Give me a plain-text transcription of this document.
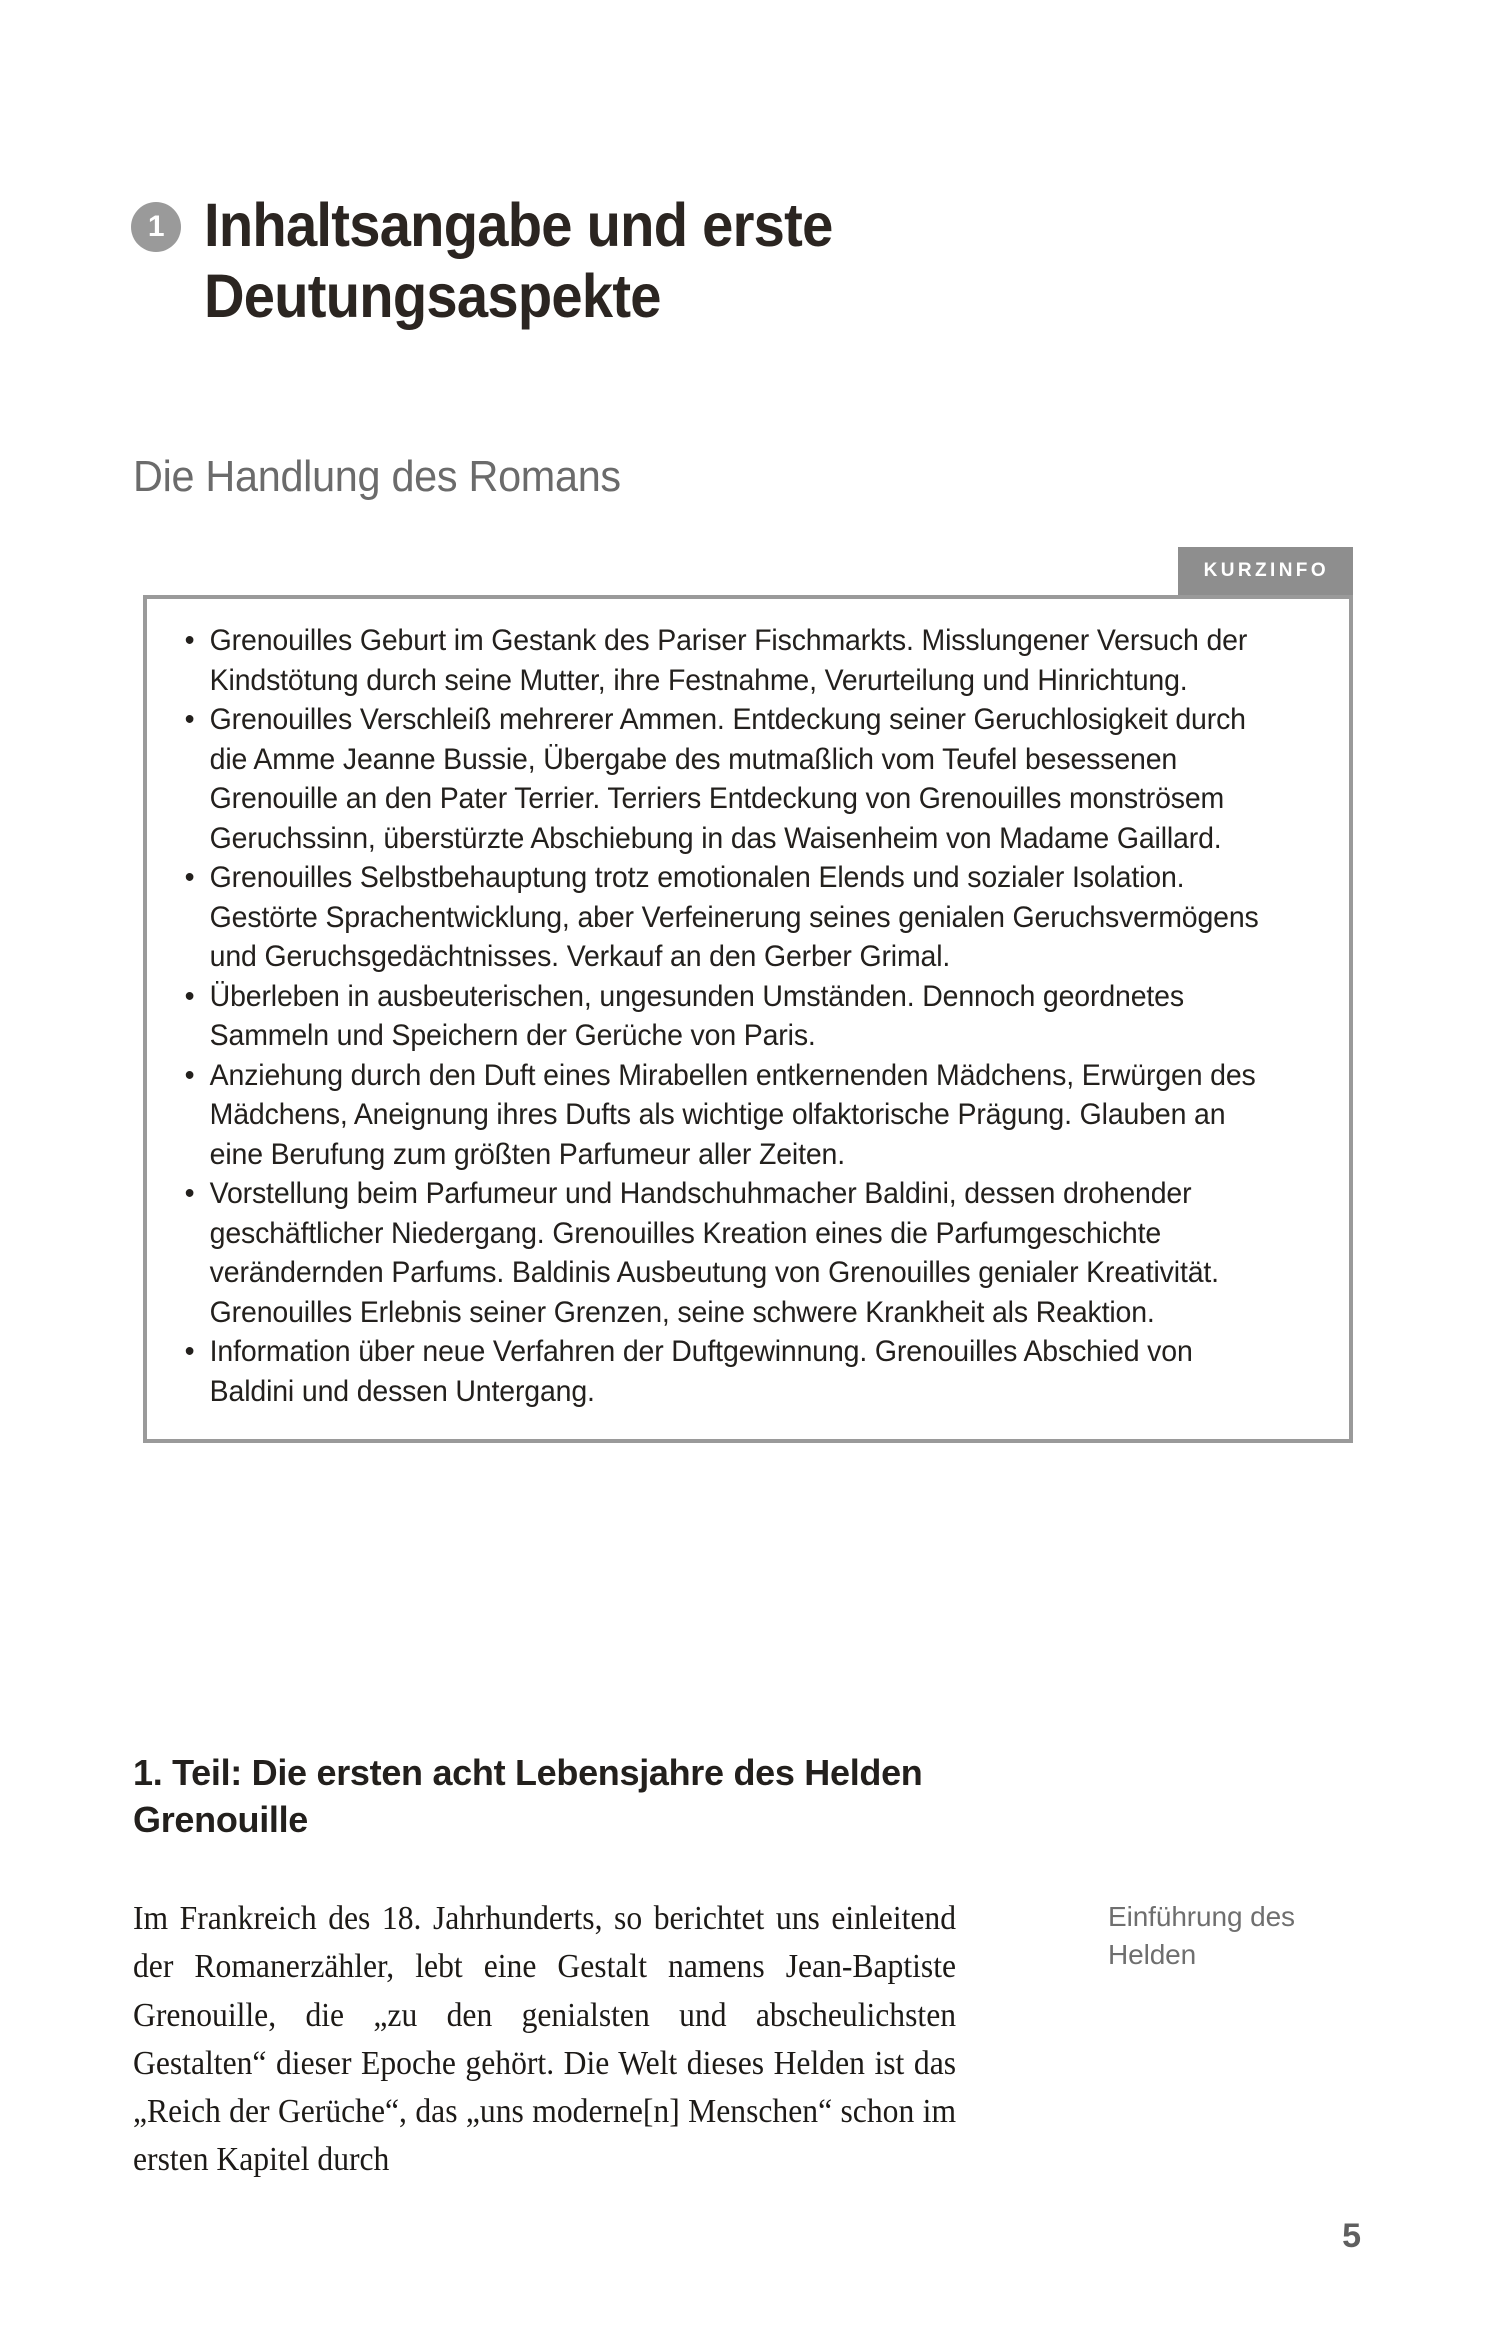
1 Inhaltsangabe und erste Deutungsaspekte
Die Handlung des Romans
KURZINFO
• Grenouilles Geburt im Gestank des Pariser Fischmarkts. Misslungener Versuch der Kindstötung durch seine Mutter, ihre Festnahme, Verurteilung und Hinrichtung.
• Grenouilles Verschleiß mehrerer Ammen. Entdeckung seiner Geruchlosigkeit durch die Amme Jeanne Bussie, Übergabe des mutmaßlich vom Teufel besessenen Grenouille an den Pater Terrier. Terriers Entdeckung von Grenouilles monströsem Geruchssinn, überstürzte Abschiebung in das Waisenheim von Madame Gaillard.
• Grenouilles Selbstbehauptung trotz emotionalen Elends und sozialer Isolation. Gestörte Sprachentwicklung, aber Verfeinerung seines genialen Geruchsvermögens und Geruchsgedächtnisses. Verkauf an den Gerber Grimal.
• Überleben in ausbeuterischen, ungesunden Umständen. Dennoch geordnetes Sammeln und Speichern der Gerüche von Paris.
• Anziehung durch den Duft eines Mirabellen entkernenden Mädchens, Erwürgen des Mädchens, Aneignung ihres Dufts als wichtige olfaktorische Prägung. Glauben an eine Berufung zum größten Parfumeur aller Zeiten.
• Vorstellung beim Parfumeur und Handschuhmacher Baldini, dessen drohender geschäftlicher Niedergang. Grenouilles Kreation eines die Parfumgeschichte verändernden Parfums. Baldinis Ausbeutung von Grenouilles genialer Kreativität. Grenouilles Erlebnis seiner Grenzen, seine schwere Krankheit als Reaktion.
• Information über neue Verfahren der Duftgewinnung. Grenouilles Abschied von Baldini und dessen Untergang.
1. Teil: Die ersten acht Lebensjahre des Helden Grenouille

Im Frankreich des 18. Jahrhunderts, so berichtet uns einleitend der Romanerzähler, lebt eine Gestalt namens Jean-Baptiste Grenouille, die „zu den genialsten und abscheulichsten Gestalten“ dieser Epoche gehört. Die Welt dieses Helden ist das „Reich der Gerüche“, das „uns moderne[n] Menschen“ schon im ersten Kapitel durch

Einführung des Helden
5
